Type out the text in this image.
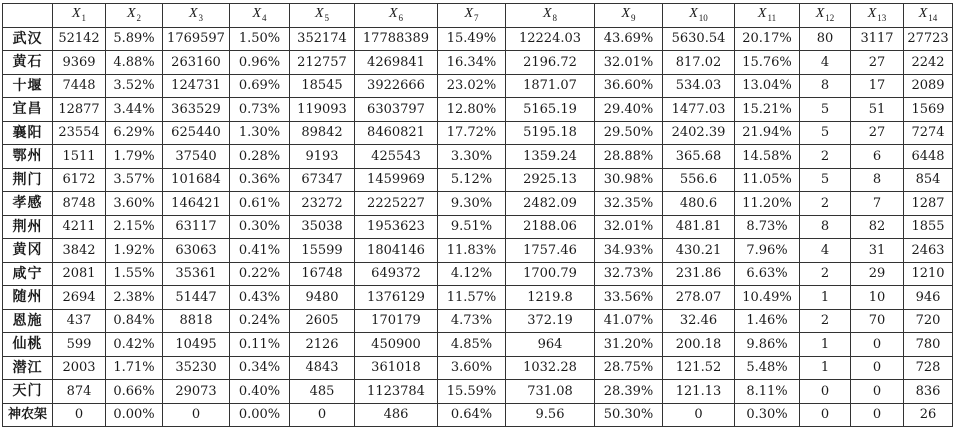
	$X_1$	$X_2$	$X_3$	$X_4$	$X_5$	$X_6$	$X_7$	$X_8$	$X_9$	$X_{10}$	$X_{11}$	$X_{12}$	$X_{13}$	$X_{14}$
武汉	52142	5.89%	1769597	1.50%	352174	17788389	15.49%	12224.03	43.69%	5630.54	20.17%	80	3117	27723
黄石	9369	4.88%	263160	0.96%	212757	4269841	16.34%	2196.72	32.01%	817.02	15.76%	4	27	2242
十堰	7448	3.52%	124731	0.69%	18545	3922666	23.02%	1871.07	36.60%	534.03	13.04%	8	17	2089
宜昌	12877	3.44%	363529	0.73%	119093	6303797	12.80%	5165.19	29.40%	1477.03	15.21%	5	51	1569
襄阳	23554	6.29%	625440	1.30%	89842	8460821	17.72%	5195.18	29.50%	2402.39	21.94%	5	27	7274
鄂州	1511	1.79%	37540	0.28%	9193	425543	3.30%	1359.24	28.88%	365.68	14.58%	2	6	6448
荆门	6172	3.57%	101684	0.36%	67347	1459969	5.12%	2925.13	30.98%	556.6	11.05%	5	8	854
孝感	8748	3.60%	146421	0.61%	23272	2225227	9.30%	2482.09	32.35%	480.6	11.20%	2	7	1287
荆州	4211	2.15%	63117	0.30%	35038	1953623	9.51%	2188.06	32.01%	481.81	8.73%	8	82	1855
黄冈	3842	1.92%	63063	0.41%	15599	1804146	11.83%	1757.46	34.93%	430.21	7.96%	4	31	2463
咸宁	2081	1.55%	35361	0.22%	16748	649372	4.12%	1700.79	32.73%	231.86	6.63%	2	29	1210
随州	2694	2.38%	51447	0.43%	9480	1376129	11.57%	1219.8	33.56%	278.07	10.49%	1	10	946
恩施	437	0.84%	8818	0.24%	2605	170179	4.73%	372.19	41.07%	32.46	1.46%	2	70	720
仙桃	599	0.42%	10495	0.11%	2126	450900	4.85%	964	31.20%	200.18	9.86%	1	0	780
潜江	2003	1.71%	35230	0.34%	4843	361018	3.60%	1032.28	28.75%	121.52	5.48%	1	0	728
天门	874	0.66%	29073	0.40%	485	1123784	15.59%	731.08	28.39%	121.13	8.11%	0	0	836
神农架	0	0.00%	0	0.00%	0	486	0.64%	9.56	50.30%	0	0.30%	0	0	26
